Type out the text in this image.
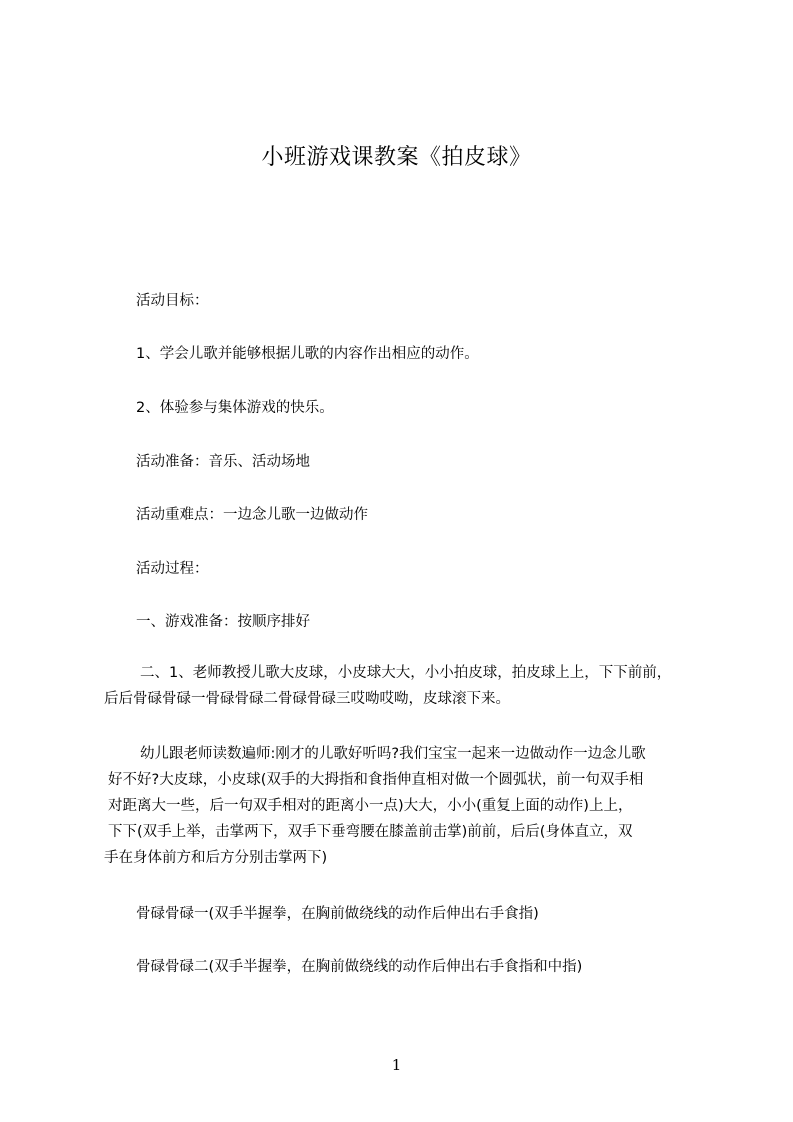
小班游戏课教案《拍皮球》
活动目标：
1、学会儿歌并能够根据儿歌的内容作出相应的动作。
2、体验参与集体游戏的快乐。
活动准备：音乐、活动场地
活动重难点：一边念儿歌一边做动作
活动过程：
一、游戏准备：按顺序排好
二、1、老师教授儿歌大皮球，小皮球大大，小小拍皮球，拍皮球上上，下下前前，
后后骨碌骨碌一骨碌骨碌二骨碌骨碌三哎呦哎呦，皮球滚下来。
幼儿跟老师读数遍师:刚才的儿歌好听吗?我们宝宝一起来一边做动作一边念儿歌
好不好?大皮球，小皮球(双手的大拇指和食指伸直相对做一个圆弧状，前一句双手相
对距离大一些，后一句双手相对的距离小一点)大大，小小(重复上面的动作)上上，
下下(双手上举，击掌两下，双手下垂弯腰在膝盖前击掌)前前，后后(身体直立，双
手在身体前方和后方分别击掌两下)
骨碌骨碌一(双手半握拳，在胸前做绕线的动作后伸出右手食指)
骨碌骨碌二(双手半握拳，在胸前做绕线的动作后伸出右手食指和中指)
1
